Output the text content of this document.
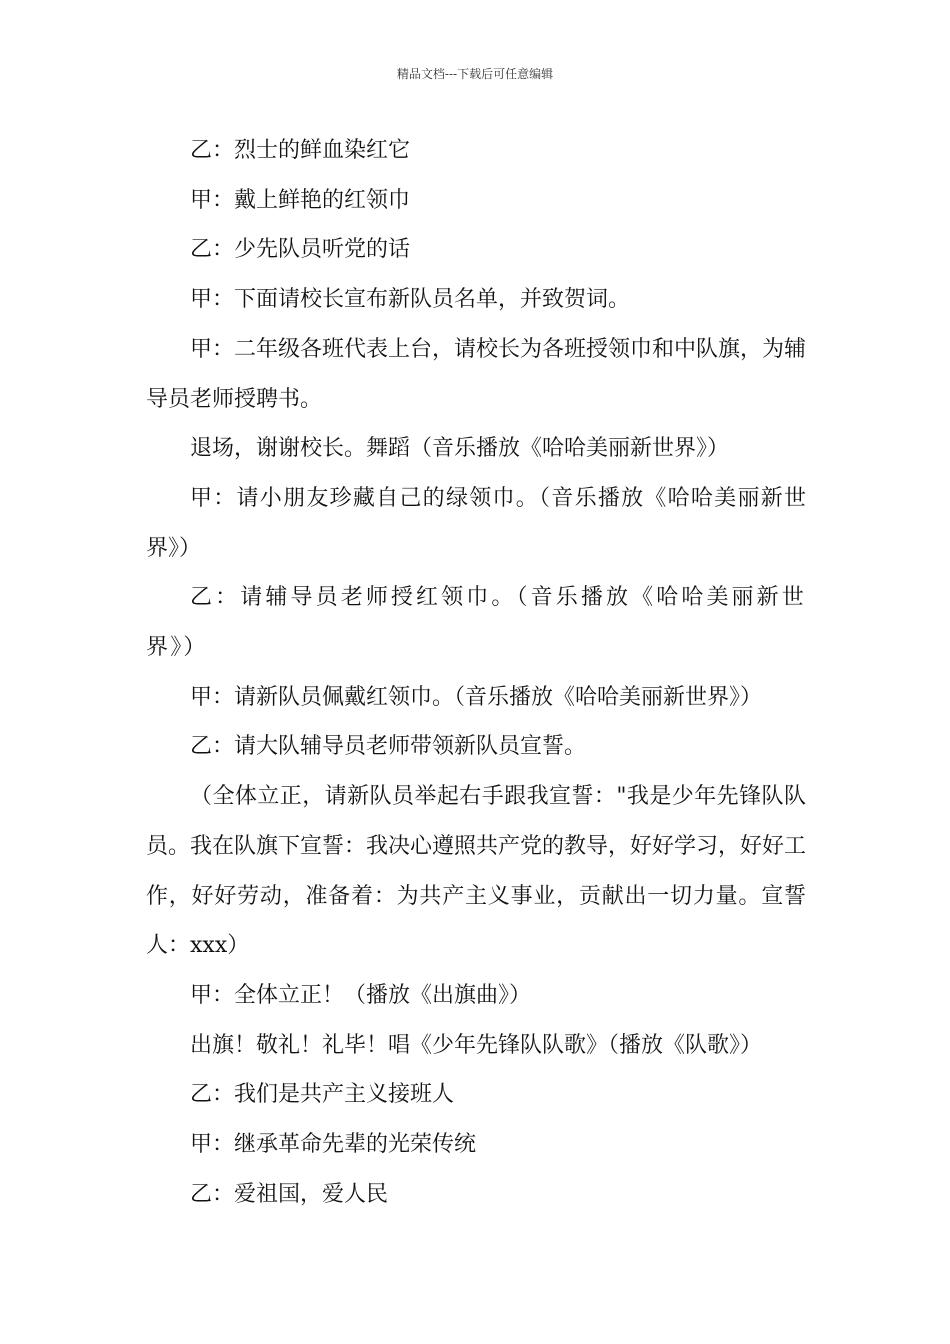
精品文档---下载后可任意编辑

乙：烈士的鲜血染红它

甲：戴上鲜艳的红领巾

乙：少先队员听党的话

甲：下面请校长宣布新队员名单，并致贺词。

甲：二年级各班代表上台，请校长为各班授领巾和中队旗，为辅导员老师授聘书。

退场，谢谢校长。舞蹈（音乐播放《哈哈美丽新世界》）

甲：请小朋友珍藏自己的绿领巾。（音乐播放《哈哈美丽新世界》）

乙：请辅导员老师授红领巾。（音乐播放《哈哈美丽新世界》）

甲：请新队员佩戴红领巾。（音乐播放《哈哈美丽新世界》）

乙：请大队辅导员老师带领新队员宣誓。

（全体立正，请新队员举起右手跟我宣誓："我是少年先锋队队员。我在队旗下宣誓：我决心遵照共产党的教导，好好学习，好好工作，好好劳动，准备着：为共产主义事业，贡献出一切力量。宣誓人：xxx）

甲：全体立正！（播放《出旗曲》）

出旗！敬礼！礼毕！唱《少年先锋队队歌》（播放《队歌》）

乙：我们是共产主义接班人

甲：继承革命先辈的光荣传统

乙：爱祖国，爱人民
